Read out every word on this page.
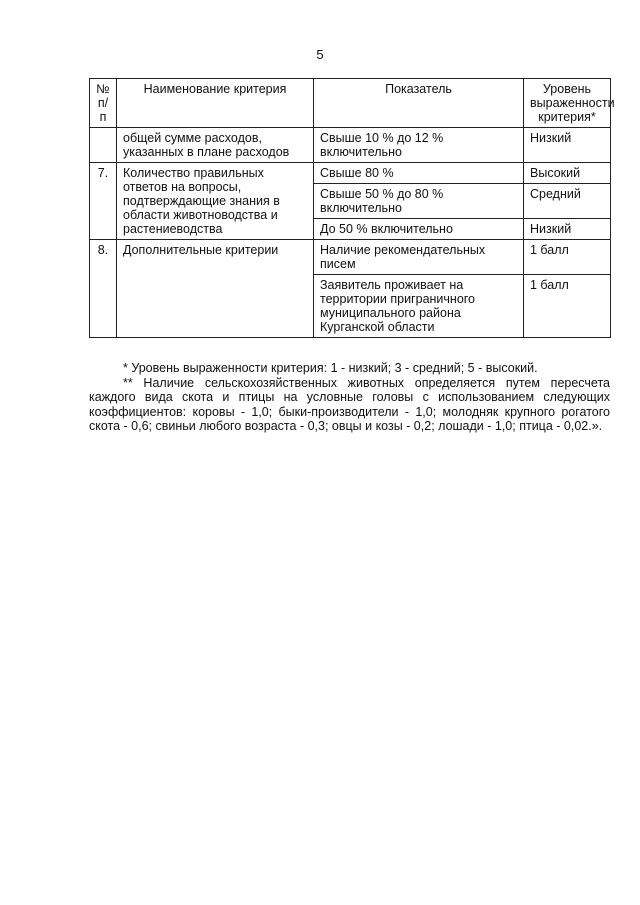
5
№ п/п	Наименование критерия	Показатель	Уровень выраженности критерия*
	общей сумме расходов, указанных в плане расходов	Свыше 10 % до 12 % включительно	Низкий
7.	Количество правильных ответов на вопросы, подтверждающие знания в области животноводства и растениеводства	Свыше 80 %	Высокий
		Свыше 50 % до 80 % включительно	Средний
		До 50 % включительно	Низкий
8.	Дополнительные критерии	Наличие рекомендательных писем	1 балл
		Заявитель проживает на территории приграничного муниципального района Курганской области	1 балл

* Уровень выраженности критерия: 1 - низкий; 3 - средний; 5 - высокий.

** Наличие сельскохозяйственных животных определяется путем пересчета каждого вида скота и птицы на условные головы с использованием следующих коэффициентов: коровы - 1,0; быки-производители - 1,0; молодняк крупного рогатого скота - 0,6; свиньи любого возраста - 0,3; овцы и козы - 0,2; лошади - 1,0; птица - 0,02.».
